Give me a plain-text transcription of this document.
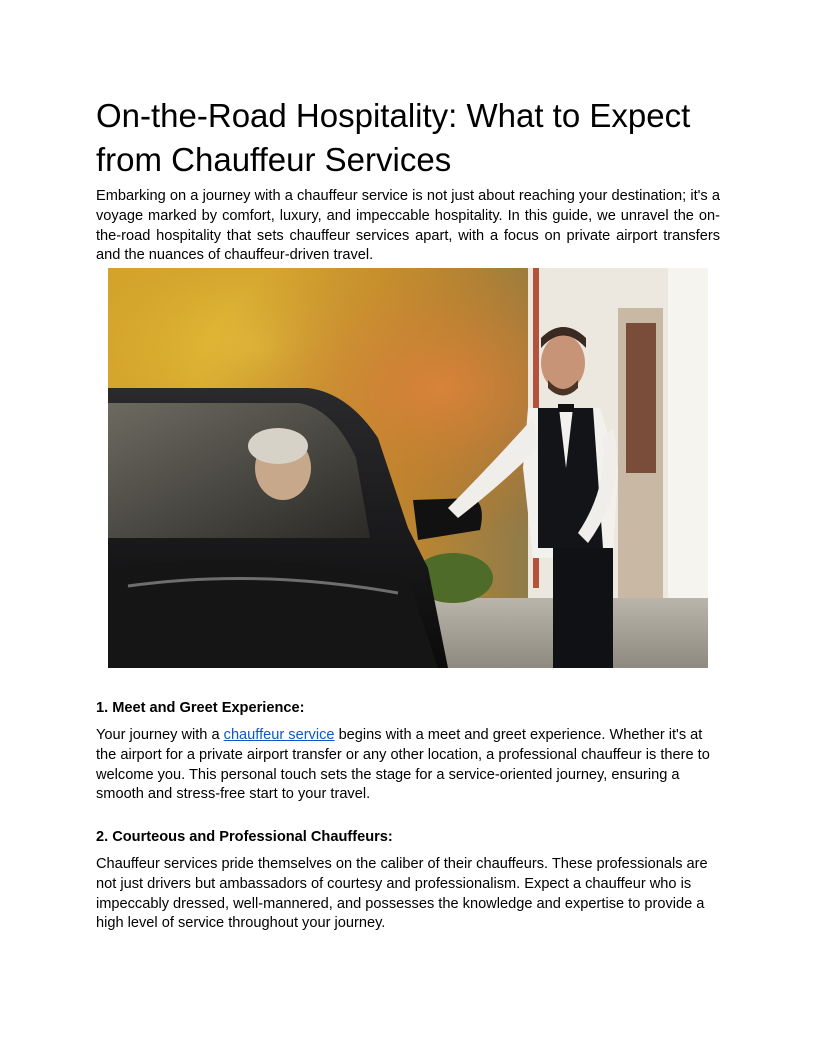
On-the-Road Hospitality: What to Expect
from Chauffeur Services

Embarking on a journey with a chauffeur service is not just about reaching your destination; it's a voyage marked by comfort, luxury, and impeccable hospitality. In this guide, we unravel the on-the-road hospitality that sets chauffeur services apart, with a focus on private airport transfers and the nuances of chauffeur-driven travel.

1. Meet and Greet Experience:

Your journey with a chauffeur service begins with a meet and greet experience. Whether it's at the airport for a private airport transfer or any other location, a professional chauffeur is there to welcome you. This personal touch sets the stage for a service-oriented journey, ensuring a smooth and stress-free start to your travel.

2. Courteous and Professional Chauffeurs:

Chauffeur services pride themselves on the caliber of their chauffeurs. These professionals are not just drivers but ambassadors of courtesy and professionalism. Expect a chauffeur who is impeccably dressed, well-mannered, and possesses the knowledge and expertise to provide a high level of service throughout your journey.
